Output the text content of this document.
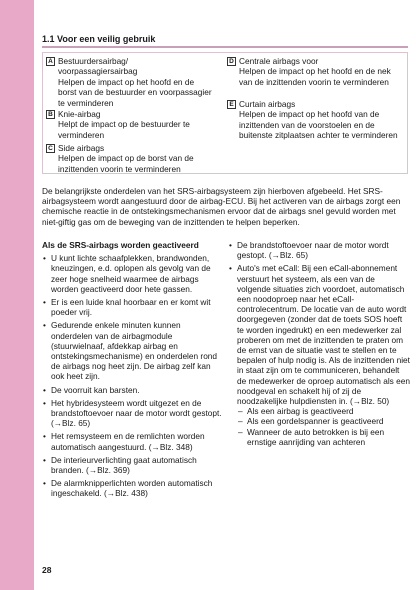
1.1 Voor een veilig gebruik
A Bestuurdersairbag/
voorpassagiersairbag
Helpen de impact op het hoofd en de borst van de bestuurder en voorpassagier te verminderen
B Knie-airbag
Helpt de impact op de bestuurder te verminderen
C Side airbags
Helpen de impact op de borst van de inzittenden voorin te verminderen
D Centrale airbags voor
Helpen de impact op het hoofd en de nek van de inzittenden voorin te verminderen
E Curtain airbags
Helpen de impact op het hoofd van de inzittenden van de voorstoelen en de buitenste zitplaatsen achter te verminderen

De belangrijkste onderdelen van het SRS-airbagsysteem zijn hierboven afgebeeld. Het SRS-airbagsysteem wordt aangestuurd door de airbag-ECU. Bij het activeren van de airbags zorgt een chemische reactie in de ontstekingsmechanismen ervoor dat de airbags snel gevuld worden met niet-giftig gas om de beweging van de inzittenden te helpen beperken.

Als de SRS-airbags worden geactiveerd
• U kunt lichte schaafplekken, brandwonden, kneuzingen, e.d. oplopen als gevolg van de zeer hoge snelheid waarmee de airbags worden geactiveerd door hete gassen.
• Er is een luide knal hoorbaar en er komt wit poeder vrij.
• Gedurende enkele minuten kunnen onderdelen van de airbagmodule (stuurwielnaaf, afdekkap airbag en ontstekingsmechanisme) en onderdelen rond de airbags nog heet zijn. De airbag zelf kan ook heet zijn.
• De voorruit kan barsten.
• Het hybridesysteem wordt uitgezet en de brandstoftoevoer naar de motor wordt gestopt. (→Blz. 65)
• Het remsysteem en de remlichten worden automatisch aangestuurd. (→Blz. 348)
• De interieurverlichting gaat automatisch branden. (→Blz. 369)
• De alarmknipperlichten worden automatisch ingeschakeld. (→Blz. 438)
• De brandstoftoevoer naar de motor wordt gestopt. (→Blz. 65)
• Auto's met eCall: Bij een eCall-abonnement verstuurt het systeem, als een van de volgende situaties zich voordoet, automatisch een noodoproep naar het eCall-controlecentrum. De locatie van de auto wordt doorgegeven (zonder dat de toets SOS hoeft te worden ingedrukt) en een medewerker zal proberen om met de inzittenden te praten om de ernst van de situatie vast te stellen en te bepalen of hulp nodig is. Als de inzittenden niet in staat zijn om te communiceren, behandelt de medewerker de oproep automatisch als een noodgeval en schakelt hij of zij de noodzakelijke hulpdiensten in. (→Blz. 50)
– Als een airbag is geactiveerd
– Als een gordelspanner is geactiveerd
– Wanneer de auto betrokken is bij een ernstige aanrijding van achteren
28
